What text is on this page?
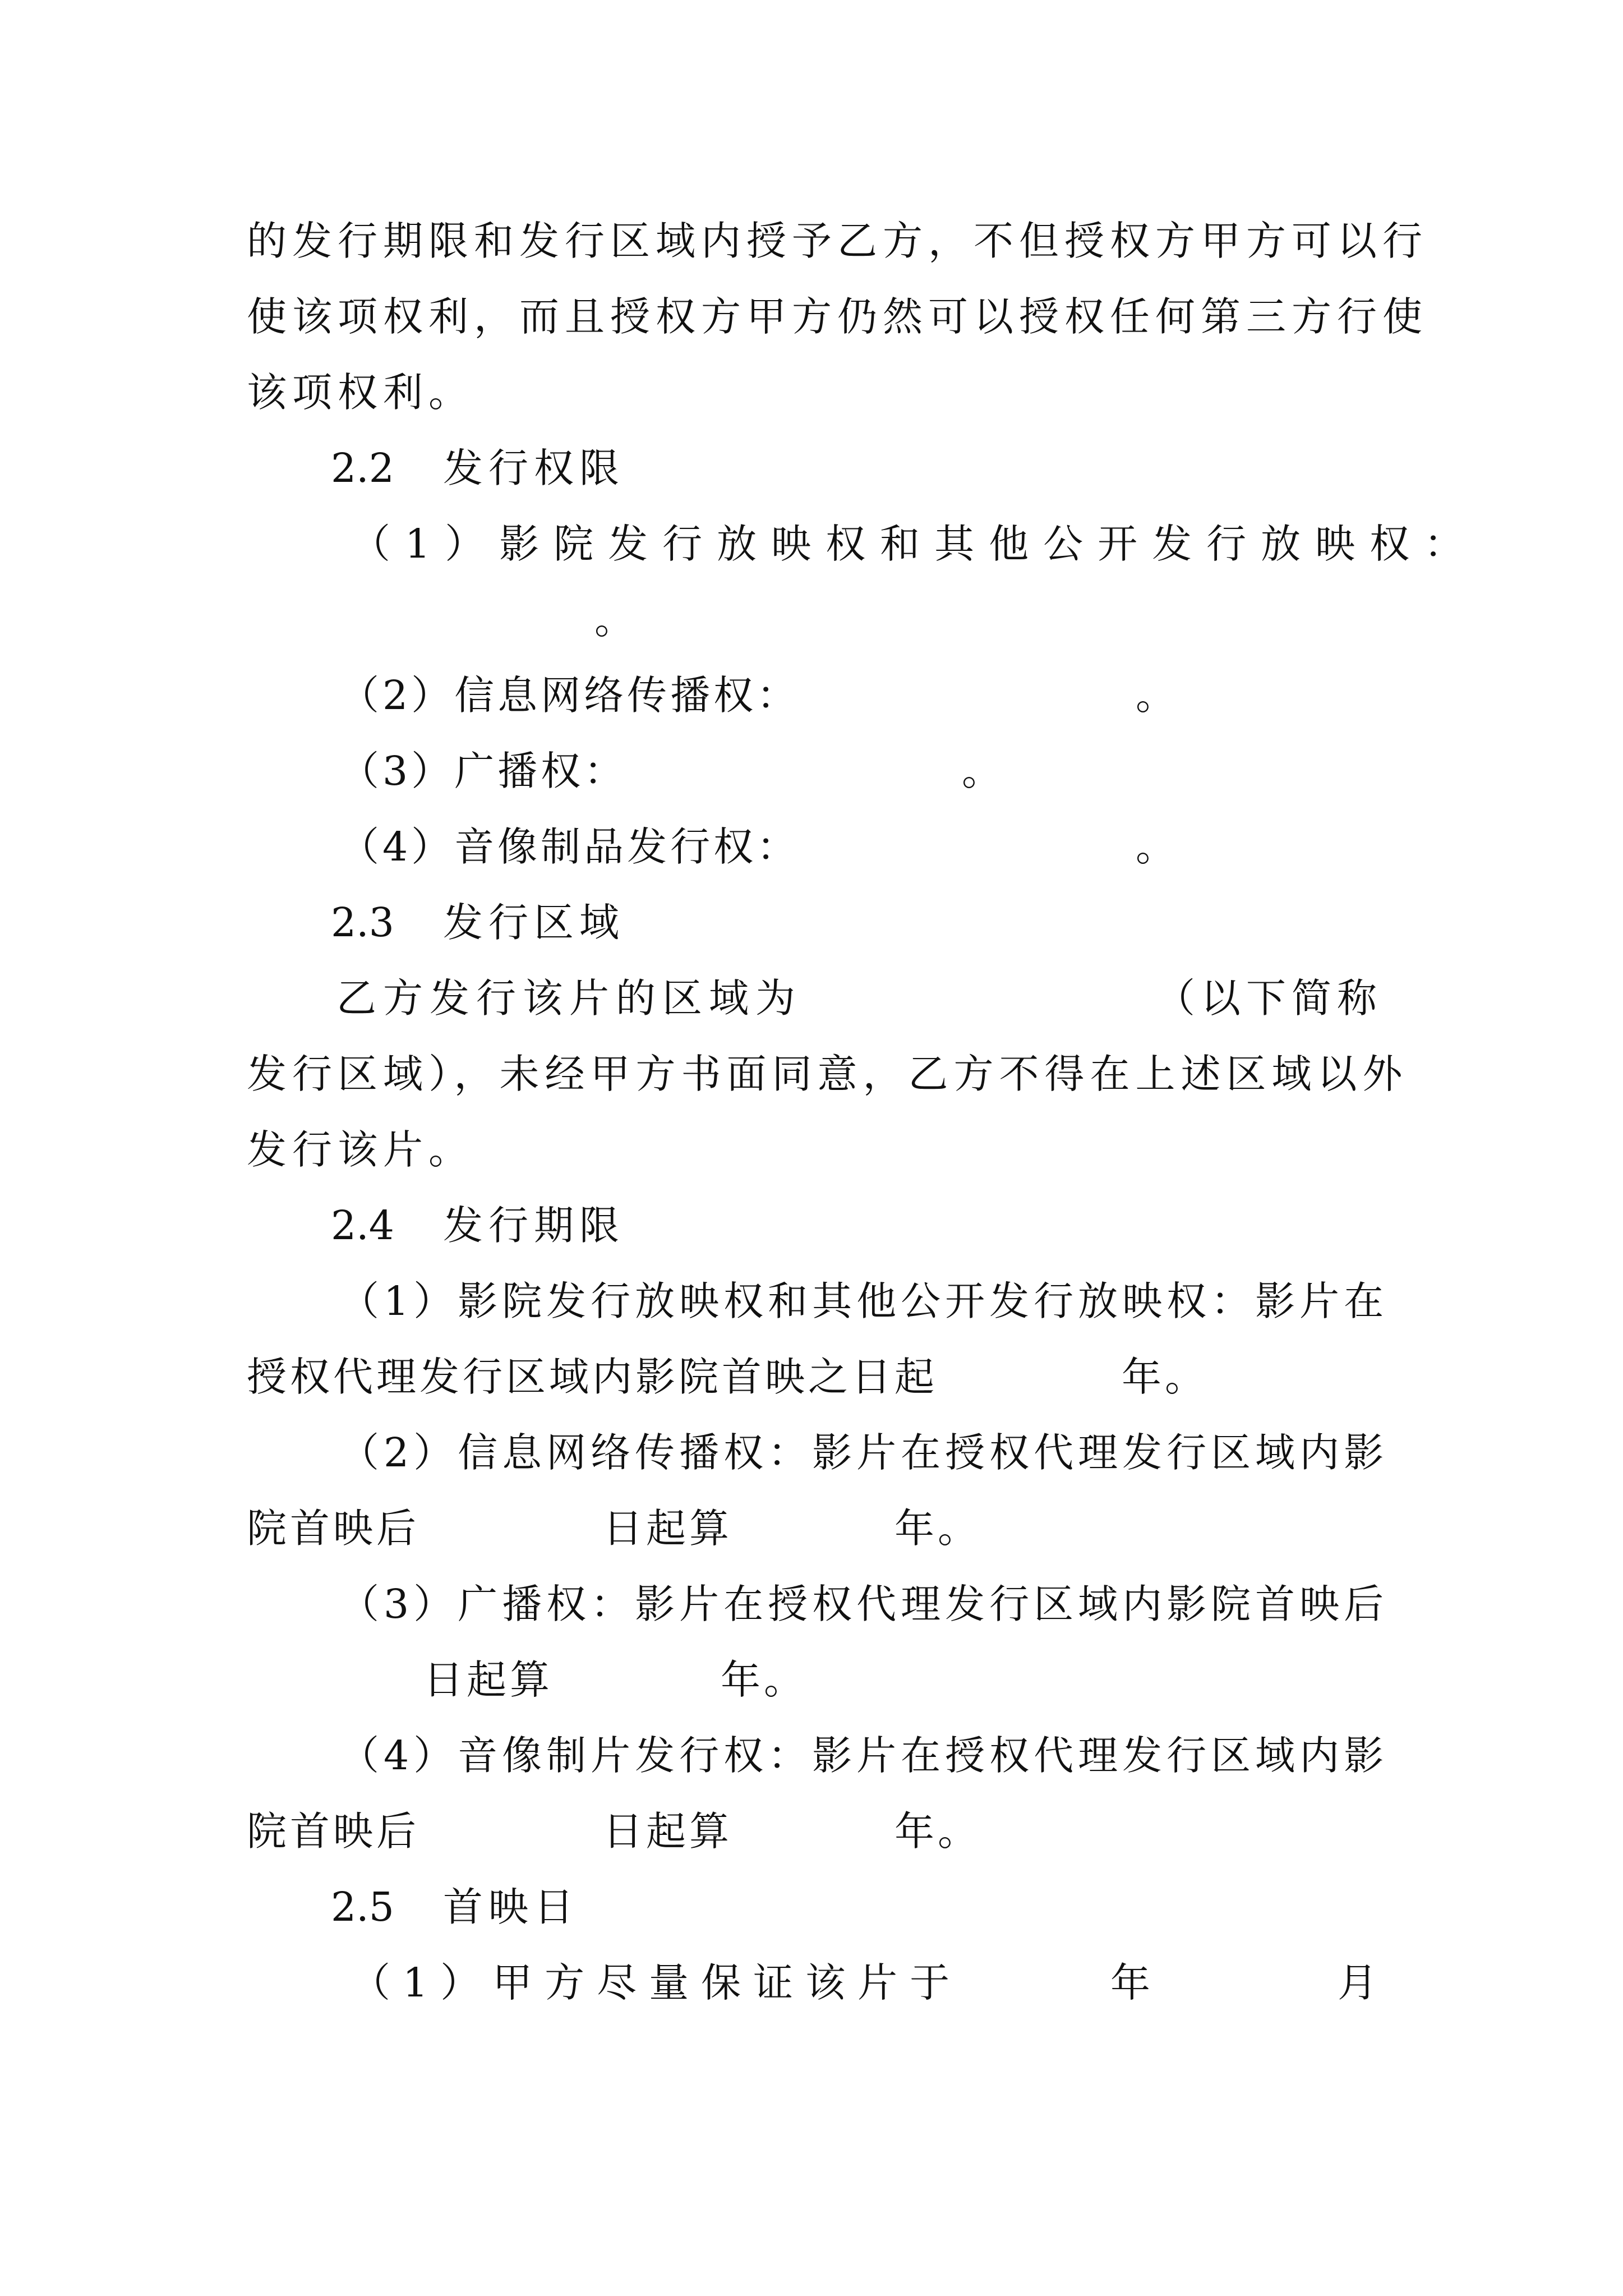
的发行期限和发行区域内授予乙方，不但授权方甲方可以行

使该项权利，而且授权方甲方仍然可以授权任何第三方行使

该项权利。

2.2

发行权限

（1）影院发行放映权和其他公开发行放映权：

。

（2）信息网络传播权：

	。

（3）广播权：

	。

（4）音像制品发行权：

	。

2.3

发行区域

乙方发行该片的区域为

	（以下简称

发行区域），未经甲方书面同意，乙方不得在上述区域以外

发行该片。

2.4

发行期限

（1）影院发行放映权和其他公开发行放映权：影片在

授权代理发行区域内影院首映之日起

	年。

（2）信息网络传播权：影片在授权代理发行区域内影

院首映后

	日起算

	年。

（3）广播权：影片在授权代理发行区域内影院首映后

日起算

	年。

（4）音像制片发行权：影片在授权代理发行区域内影

院首映后

	日起算

	年。

2.5

首映日

（1）甲方尽量保证该片于

	年

	月
